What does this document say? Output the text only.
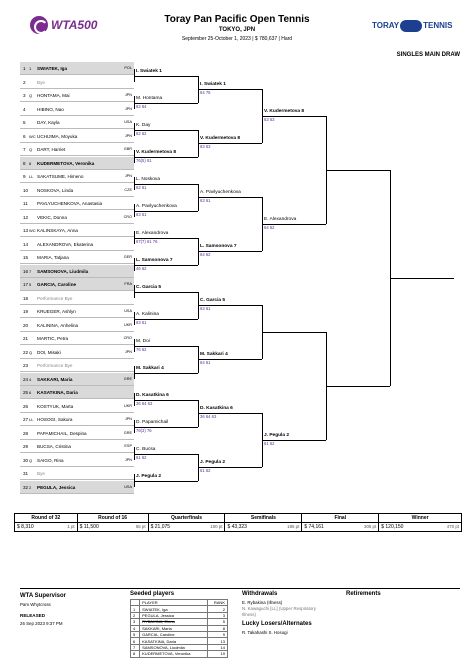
WTA500	Toray Pan Pacific Open Tennis
TOKYO, JPN
September 25-October 1, 2023 | $ 780,637 | Hard
TORAY	TENNIS
SINGLES MAIN DRAW
1 1	SWIATEK, Iga	POL
2	Bye
3 Q	HONTAMA, Mai	JPN
4	HIBINO, Nao	JPN
5	DAY, Kayla	USA
6 WC UCHIJIMA, Moyuka	JPN
7 Q	DART, Harriet	GBR
8 8	KUDERMETOVA, Veronika
9 LL SAKATSUME, Himeno	JPN
10	NOSKOVA, Linda	CZE
11	PAVLYUCHENKOVA, Anastasia
12	VEKIC, Donna	CRO
13 WC KALINSKAYA, Anna
14	ALEXANDROVA, Ekaterina
15	MARIA, Tatjana	GER
16 7	SAMSONOVA, Liudmila
17 5	GARCIA, Caroline	FRA
18	Performance Bye
19	KRUEGER, Ashlyn	USA
20	KALININA, Anhelina	UKR
21	MARTIC, Petra	CRO
22 Q	DOI, Misaki	JPN
23	Performance Bye
24 4	SAKKARI, Maria	GRE
25 6	KASATKINA, Daria
26	KOSTYUK, Marta	UKR
27 LL HOSOGI, Sakura	JPN
28	PAPAMICHAIL, Despina	GRE
29	BUCSA, Cristina	ESP
30 Q	SAIGO, Rina	JPN
31	Bye
32 2	PEGULA, Jessica	USA
I. Swiatek 1
M. Hontama
62 64
K. Day
62 62
V. Kudermetova 8
76(5) 61
L. Noskova
62 61
A. Pavlyuchenkova
63 61
E. Alexandrova
67(7) 61 76
L. Samsonova 7
46 62
C. Garcia 5
A. Kalinina
63 61
M. Doi
76 62
M. Sakkari 4
D. Kasatkina 6
36 64 63
D. Papamichail
76(3) 76
C. Bucsa
61 62
J. Pegula 2
I. Swiatek 1
64 75
V. Kudermetova 8
63 63
A. Pavlyuchenkova
63 61
L. Samsonova 7
64 62
C. Garcia 5
63 61
M. Sakkari 4
64 61
D. Kasatkina 6
36 64 63
J. Pegula 2
61 62
V. Kudermetova 8
63 63
E. Alexandrova
64 62
J. Pegula 2
61 62
Round of 32	Round of 16	Quarterfinals	Semifinals	Final	Winner
$ 8,310 1 pt	$ 11,500 55 pt	$ 21,075 100 pt	$ 43,323 185 pt	$ 74,161 305 pt	$ 120,150 470 pt
WTA Supervisor
Pam Whytcross
RELEASED
26 Sep 2023 9:37 PM
Seeded players
	PLAYER	RANK
1	SWIATEK, Iga	2
2	PEGULA, Jessica	3
3	RYBAKINA, Elena	5
4	SAKKARI, Maria	8
5	GARCIA, Caroline	9
6	KASATKINA, Daria	13
7	SAMSONOVA, Liudmila	14
8	KUDERMETOVA, Veronika	19
Withdrawals
E. Rybakina (Illness)
N. Kawaguchi [LL] (Upper Respiratory
Illness)
Lucky Losers/Alternates
R. Takahashi S. Hosogi
Retirements
